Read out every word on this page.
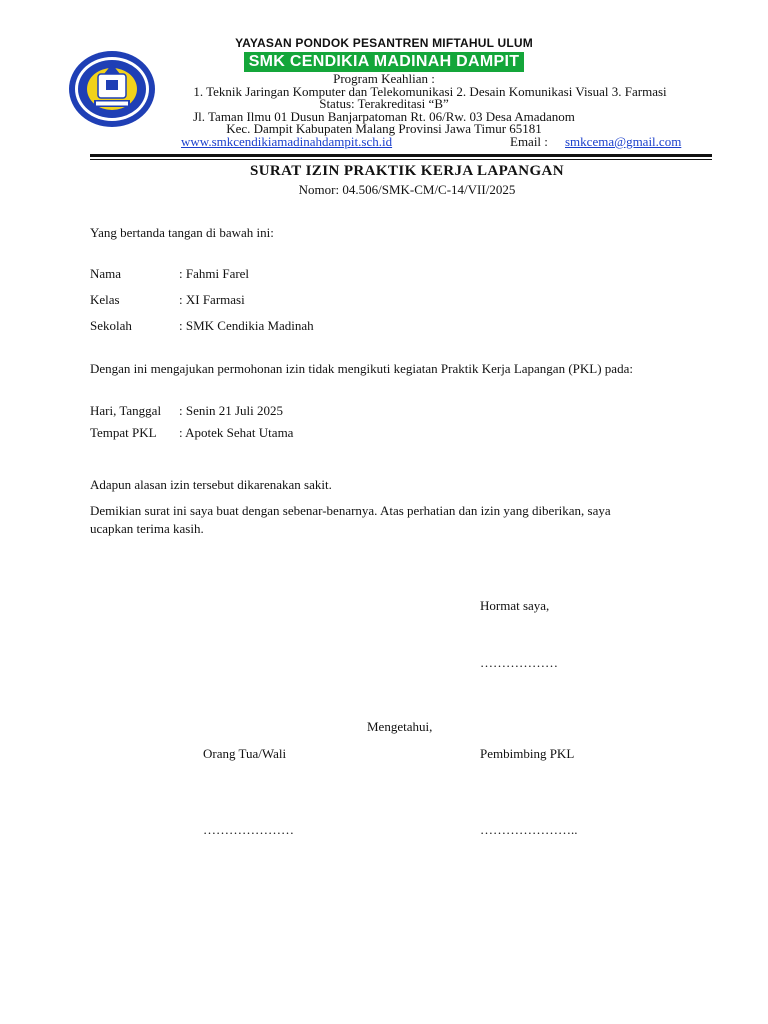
YAYASAN PONDOK PESANTREN MIFTAHUL ULUM
SMK CENDIKIA MADINAH DAMPIT
Program Keahlian :
1. Teknik Jaringan Komputer dan Telekomunikasi 2. Desain Komunikasi Visual 3. Farmasi
Status: Terakreditasi “B”
Jl. Taman Ilmu 01 Dusun Banjarpatoman Rt. 06/Rw. 03 Desa Amadanom
Kec. Dampit Kabupaten Malang Provinsi Jawa Timur 65181
www.smkcendikiamadinahdampit.sch.id	Email : smkcema@gmail.com
SURAT IZIN PRAKTIK KERJA LAPANGAN
Nomor: 04.506/SMK-CM/C-14/VII/2025
Yang bertanda tangan di bawah ini:
Nama	: Fahmi Farel
Kelas	: XI Farmasi
Sekolah	: SMK Cendikia Madinah
Dengan ini mengajukan permohonan izin tidak mengikuti kegiatan Praktik Kerja Lapangan (PKL) pada:
Hari, Tanggal : Senin 21 Juli 2025
Tempat PKL : Apotek Sehat Utama
Adapun alasan izin tersebut dikarenakan sakit.
Demikian surat ini saya buat dengan sebenar-benarnya. Atas perhatian dan izin yang diberikan, saya
ucapkan terima kasih.
Hormat saya,
………………
Mengetahui,
Orang Tua/Wali	Pembimbing PKL
…………………	…………………..
